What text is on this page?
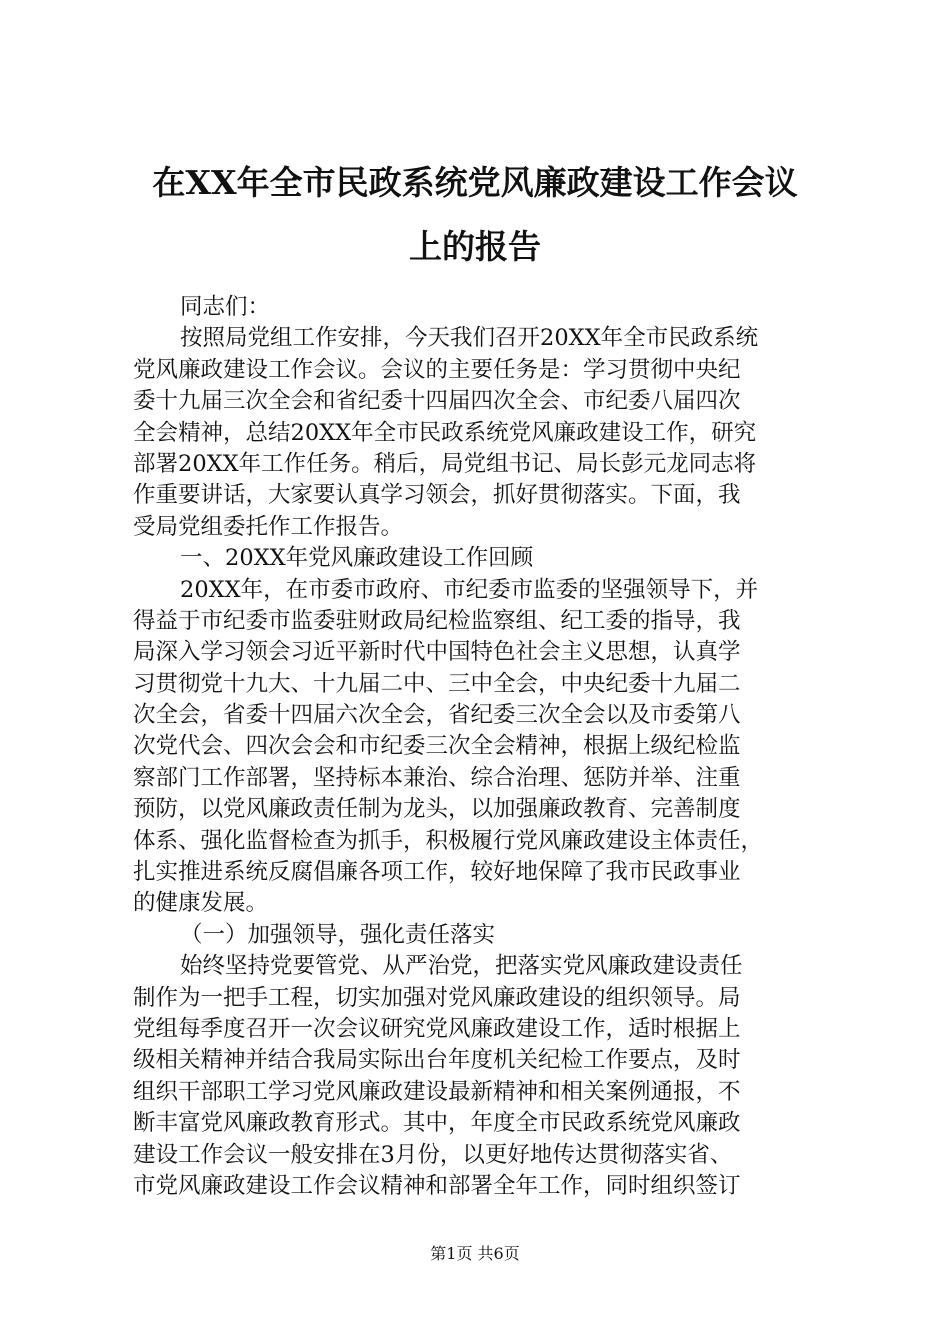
在XX年全市民政系统党风廉政建设工作会议
上的报告
同志们：
按照局党组工作安排，今天我们召开20XX年全市民政系统
党风廉政建设工作会议。会议的主要任务是：学习贯彻中央纪
委十九届三次全会和省纪委十四届四次全会、市纪委八届四次
全会精神，总结20XX年全市民政系统党风廉政建设工作，研究
部署20XX年工作任务。稍后，局党组书记、局长彭元龙同志将
作重要讲话，大家要认真学习领会，抓好贯彻落实。下面，我
受局党组委托作工作报告。
一、20XX年党风廉政建设工作回顾
20XX年，在市委市政府、市纪委市监委的坚强领导下，并
得益于市纪委市监委驻财政局纪检监察组、纪工委的指导，我
局深入学习领会习近平新时代中国特色社会主义思想，认真学
习贯彻党十九大、十九届二中、三中全会，中央纪委十九届二
次全会，省委十四届六次全会，省纪委三次全会以及市委第八
次党代会、四次会会和市纪委三次全会精神，根据上级纪检监
察部门工作部署，坚持标本兼治、综合治理、惩防并举、注重
预防，以党风廉政责任制为龙头，以加强廉政教育、完善制度
体系、强化监督检查为抓手，积极履行党风廉政建设主体责任，
扎实推进系统反腐倡廉各项工作，较好地保障了我市民政事业
的健康发展。
（一）加强领导，强化责任落实
始终坚持党要管党、从严治党，把落实党风廉政建设责任
制作为一把手工程，切实加强对党风廉政建设的组织领导。局
党组每季度召开一次会议研究党风廉政建设工作，适时根据上
级相关精神并结合我局实际出台年度机关纪检工作要点，及时
组织干部职工学习党风廉政建设最新精神和相关案例通报，不
断丰富党风廉政教育形式。其中，年度全市民政系统党风廉政
建设工作会议一般安排在3月份，以更好地传达贯彻落实省、
市党风廉政建设工作会议精神和部署全年工作，同时组织签订
第1页 共6页
